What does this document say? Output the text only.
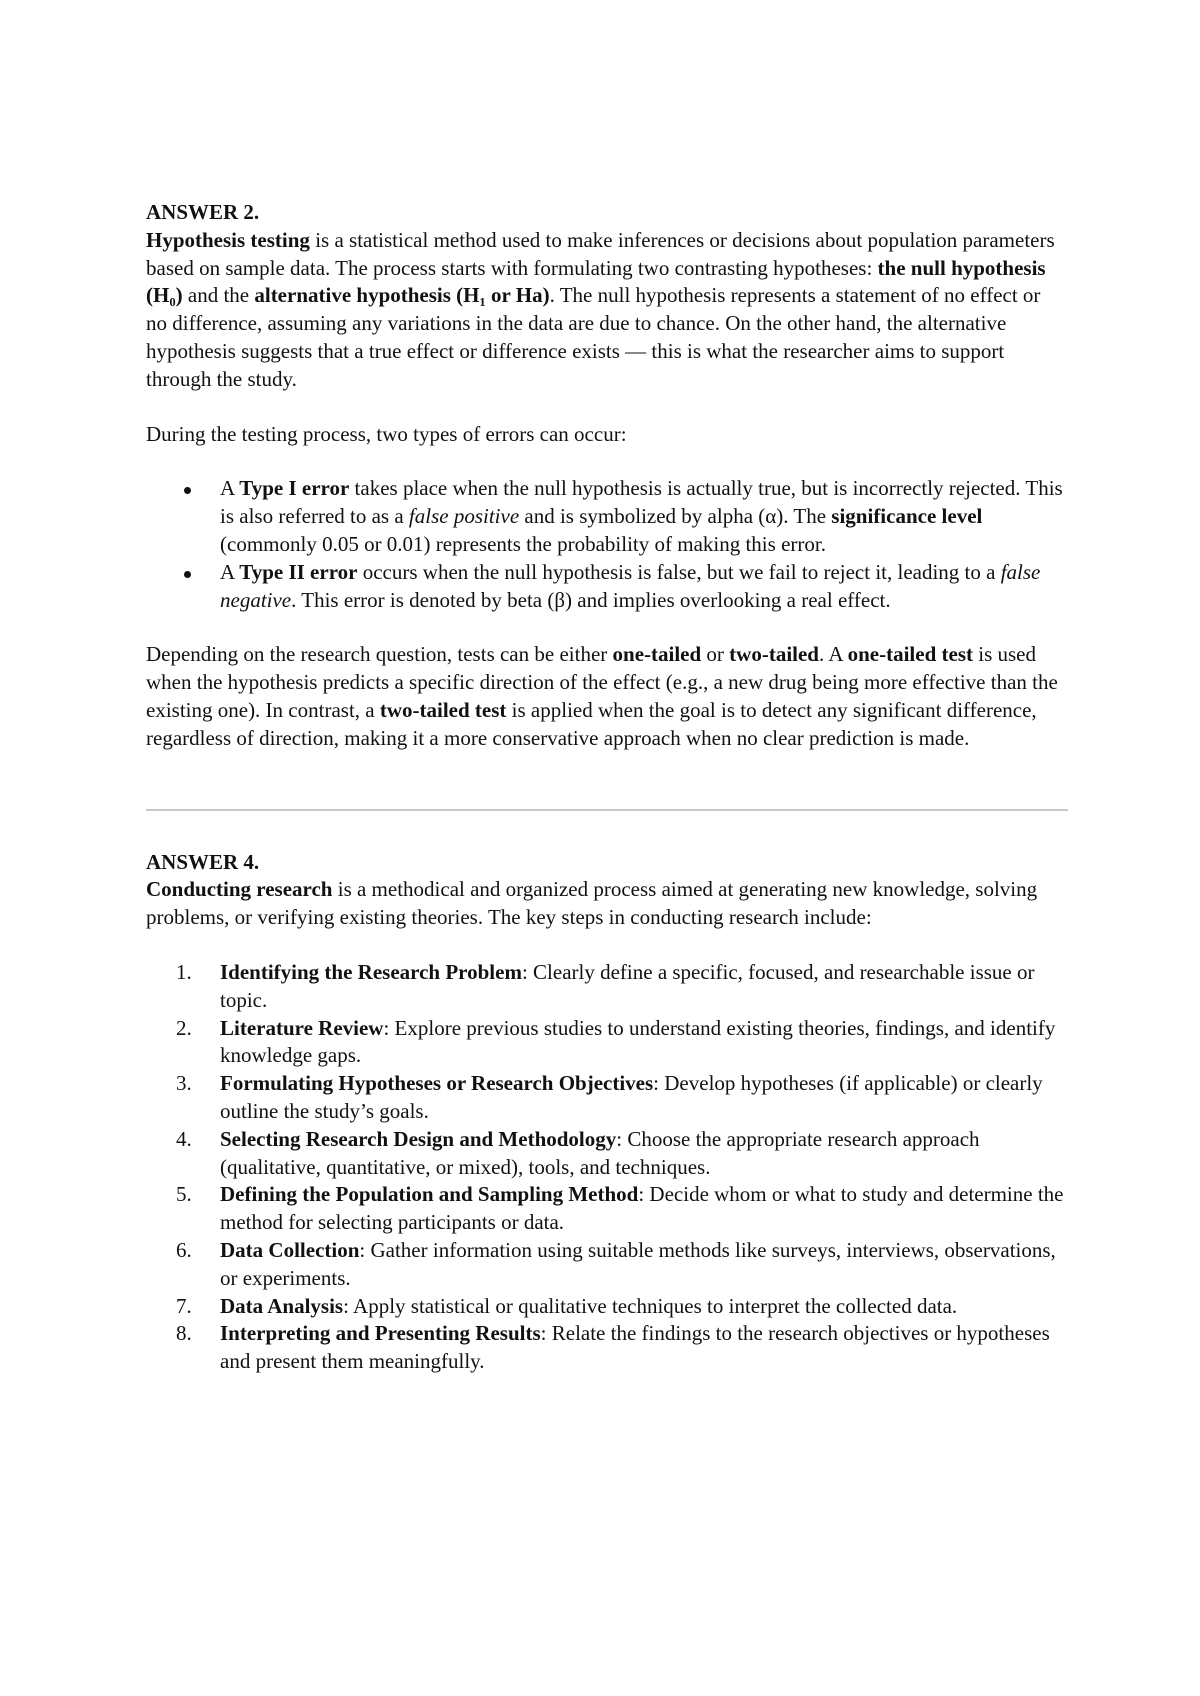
ANSWER 2.

Hypothesis testing is a statistical method used to make inferences or decisions about population parameters based on sample data. The process starts with formulating two contrasting hypotheses: the null hypothesis (H₀) and the alternative hypothesis (H₁ or Ha). The null hypothesis represents a statement of no effect or no difference, assuming any variations in the data are due to chance. On the other hand, the alternative hypothesis suggests that a true effect or difference exists — this is what the researcher aims to support through the study.

During the testing process, two types of errors can occur:

A Type I error takes place when the null hypothesis is actually true, but is incorrectly rejected. This is also referred to as a false positive and is symbolized by alpha (α). The significance level (commonly 0.05 or 0.01) represents the probability of making this error.
A Type II error occurs when the null hypothesis is false, but we fail to reject it, leading to a false negative. This error is denoted by beta (β) and implies overlooking a real effect.

Depending on the research question, tests can be either one-tailed or two-tailed. A one-tailed test is used when the hypothesis predicts a specific direction of the effect (e.g., a new drug being more effective than the existing one). In contrast, a two-tailed test is applied when the goal is to detect any significant difference, regardless of direction, making it a more conservative approach when no clear prediction is made.

ANSWER 4.

Conducting research is a methodical and organized process aimed at generating new knowledge, solving problems, or verifying existing theories. The key steps in conducting research include:

1.	Identifying the Research Problem: Clearly define a specific, focused, and researchable issue or topic.
2.	Literature Review: Explore previous studies to understand existing theories, findings, and identify knowledge gaps.
3.	Formulating Hypotheses or Research Objectives: Develop hypotheses (if applicable) or clearly outline the study’s goals.
4.	Selecting Research Design and Methodology: Choose the appropriate research approach (qualitative, quantitative, or mixed), tools, and techniques.
5.	Defining the Population and Sampling Method: Decide whom or what to study and determine the method for selecting participants or data.
6.	Data Collection: Gather information using suitable methods like surveys, interviews, observations, or experiments.
7.	Data Analysis: Apply statistical or qualitative techniques to interpret the collected data.
8.	Interpreting and Presenting Results: Relate the findings to the research objectives or hypotheses and present them meaningfully.
